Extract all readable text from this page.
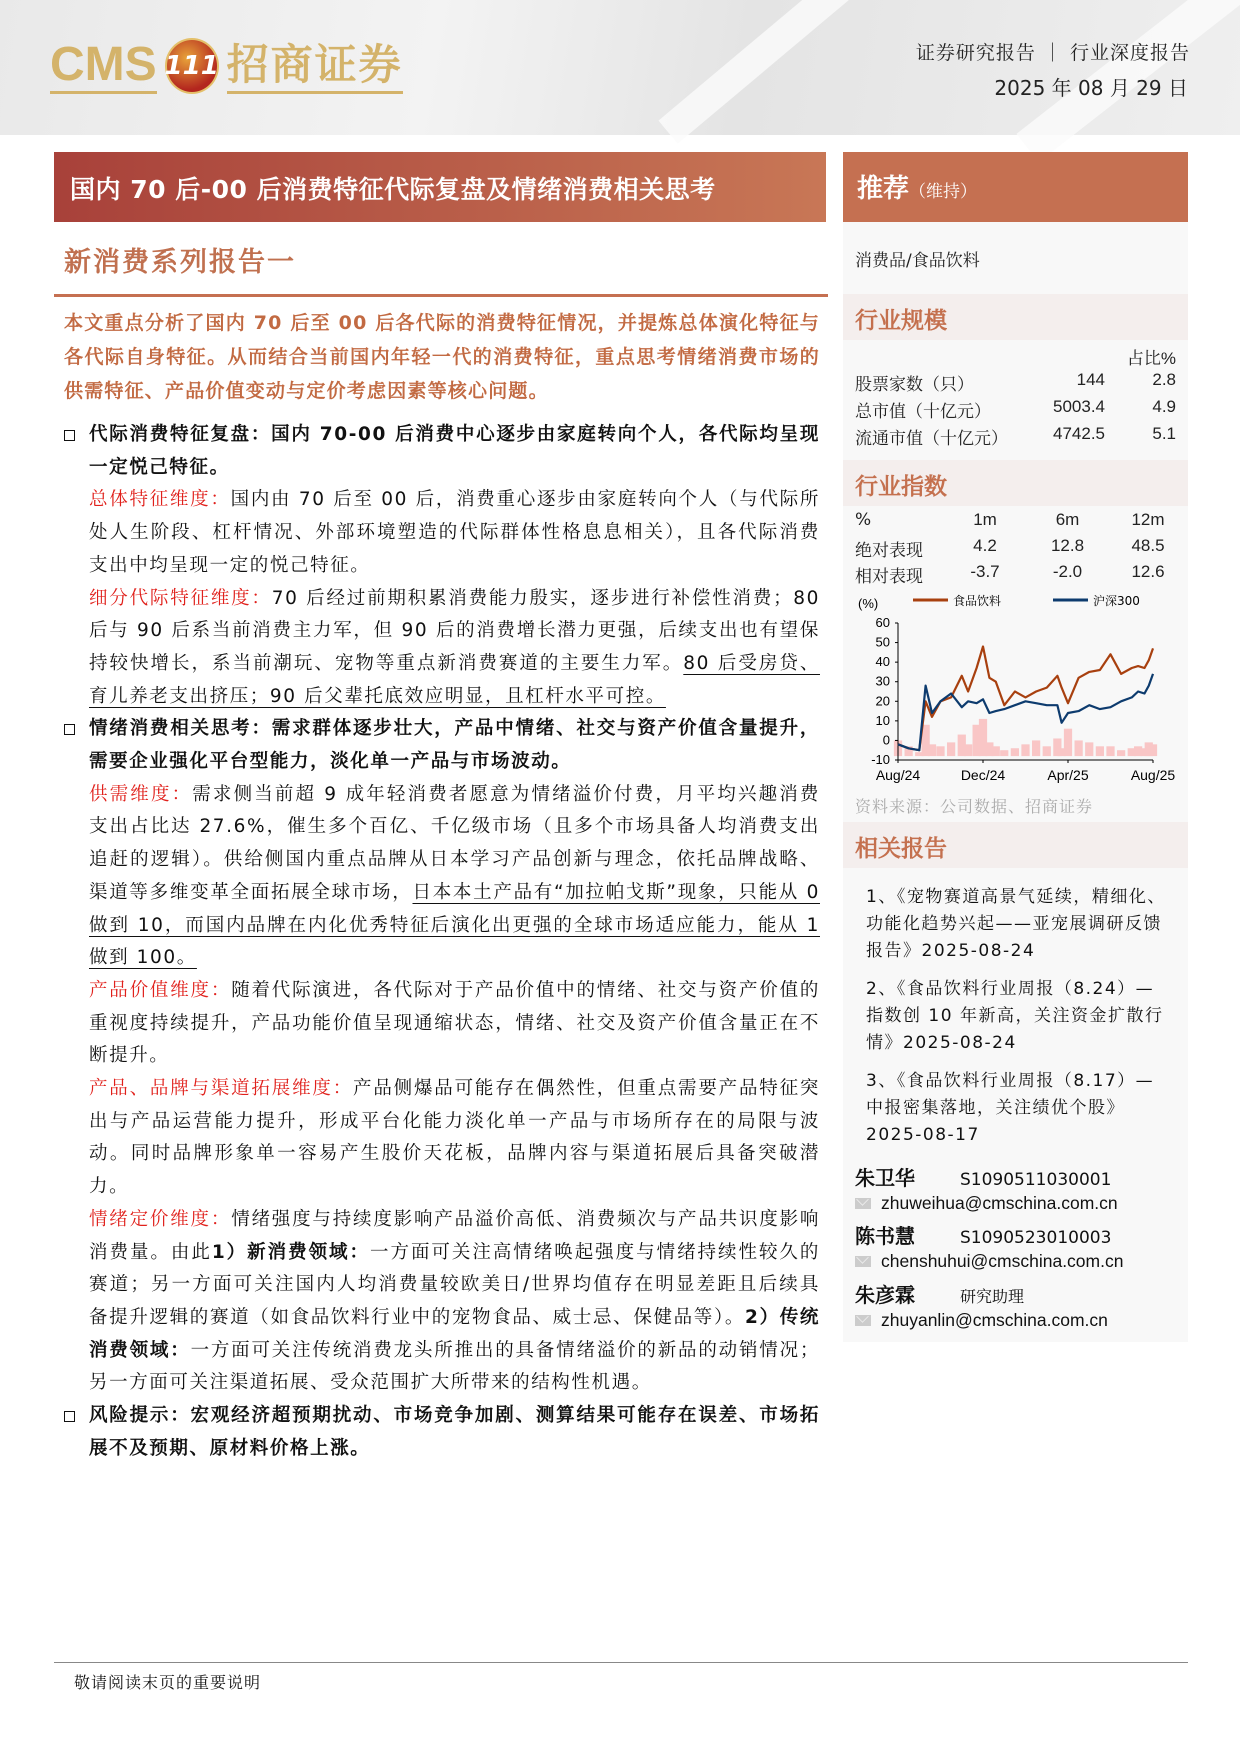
CMS 111 招商证券	证券研究报告 ｜ 行业深度报告
2025 年 08 月 29 日
国内 70 后-00 后消费特征代际复盘及情绪消费相关思考	推荐（维持）
消费品/食品饮料
新消费系列报告一
本文重点分析了国内 70 后至 00 后各代际的消费特征情况，并提炼总体演化特征与各代际自身特征。从而结合当前国内年轻一代的消费特征，重点思考情绪消费市场的供需特征、产品价值变动与定价考虑因素等核心问题。
代际消费特征复盘：国内 70-00 后消费中心逐步由家庭转向个人，各代际均呈现一定悦己特征。
总体特征维度：国内由 70 后至 00 后，消费重心逐步由家庭转向个人（与代际所处人生阶段、杠杆情况、外部环境塑造的代际群体性格息息相关），且各代际消费支出中均呈现一定的悦己特征。
细分代际特征维度：70 后经过前期积累消费能力殷实，逐步进行补偿性消费；80 后与 90 后系当前消费主力军，但 90 后的消费增长潜力更强，后续支出也有望保持较快增长，系当前潮玩、宠物等重点新消费赛道的主要生力军。80 后受房贷、育儿养老支出挤压；90 后父辈托底效应明显，且杠杆水平可控。
情绪消费相关思考：需求群体逐步壮大，产品中情绪、社交与资产价值含量提升，需要企业强化平台型能力，淡化单一产品与市场波动。
供需维度：需求侧当前超 9 成年轻消费者愿意为情绪溢价付费，月平均兴趣消费支出占比达 27.6%，催生多个百亿、千亿级市场（且多个市场具备人均消费支出追赶的逻辑）。供给侧国内重点品牌从日本学习产品创新与理念，依托品牌战略、渠道等多维变革全面拓展全球市场，日本本土产品有“加拉帕戈斯”现象，只能从 0 做到 10，而国内品牌在内化优秀特征后演化出更强的全球市场适应能力，能从 1 做到 100。
产品价值维度：随着代际演进，各代际对于产品价值中的情绪、社交与资产价值的重视度持续提升，产品功能价值呈现通缩状态，情绪、社交及资产价值含量正在不断提升。
产品、品牌与渠道拓展维度：产品侧爆品可能存在偶然性，但重点需要产品特征突出与产品运营能力提升，形成平台化能力淡化单一产品与市场所存在的局限与波动。同时品牌形象单一容易产生股价天花板，品牌内容与渠道拓展后具备突破潜力。
情绪定价维度：情绪强度与持续度影响产品溢价高低、消费频次与产品共识度影响消费量。由此1）新消费领域：一方面可关注高情绪唤起强度与情绪持续性较久的赛道；另一方面可关注国内人均消费量较欧美日/世界均值存在明显差距且后续具备提升逻辑的赛道（如食品饮料行业中的宠物食品、威士忌、保健品等）。2）传统消费领域：一方面可关注传统消费龙头所推出的具备情绪溢价的新品的动销情况；另一方面可关注渠道拓展、受众范围扩大所带来的结构性机遇。
风险提示：宏观经济超预期扰动、市场竞争加剧、测算结果可能存在误差、市场拓展不及预期、原材料价格上涨。
行业规模
占比%
股票家数（只）	144	2.8
总市值（十亿元）	5003.4	4.9
流通市值（十亿元）	4742.5	5.1
行业指数
%	1m	6m	12m
绝对表现	4.2	12.8	48.5
相对表现	-3.7	-2.0	12.6
(%)	食品饮料	沪深300
60
50
40
30
20
10
0
-10
Aug/24	Dec/24	Apr/25	Aug/25
资料来源：公司数据、招商证券
相关报告
1、《宠物赛道高景气延续，精细化、功能化趋势兴起——亚宠展调研反馈报告》2025-08-24
2、《食品饮料行业周报（8.24）—指数创 10 年新高，关注资金扩散行情》2025-08-24
3、《食品饮料行业周报（8.17）—中报密集落地，关注绩优个股》2025-08-17
朱卫华	S1090511030001
zhuweihua@cmschina.com.cn
陈书慧	S1090523010003
chenshuhui@cmschina.com.cn
朱彦霖	研究助理
zhuyanlin@cmschina.com.cn
敬请阅读末页的重要说明
